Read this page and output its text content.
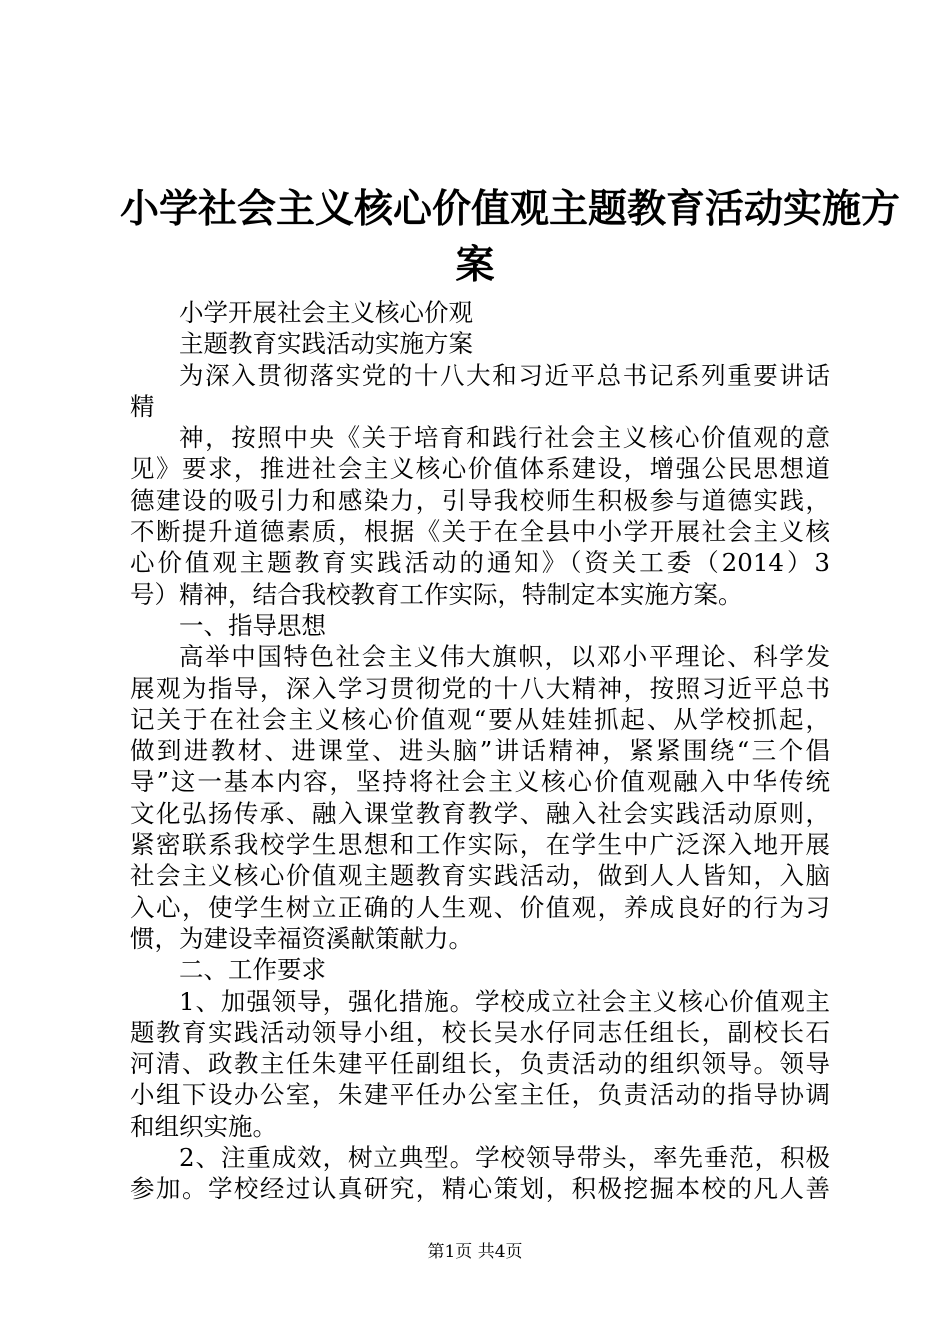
小学社会主义核心价值观主题教育活动实施方
案
小学开展社会主义核心价观
主题教育实践活动实施方案
为深入贯彻落实党的十八大和习近平总书记系列重要讲话
精
神，按照中央《关于培育和践行社会主义核心价值观的意
见》要求，推进社会主义核心价值体系建设，增强公民思想道
德建设的吸引力和感染力，引导我校师生积极参与道德实践，
不断提升道德素质，根据《关于在全县中小学开展社会主义核
心价值观主题教育实践活动的通知》（资关工委（2014）3
号）精神，结合我校教育工作实际，特制定本实施方案。
一、指导思想
高举中国特色社会主义伟大旗帜，以邓小平理论、科学发
展观为指导，深入学习贯彻党的十八大精神，按照习近平总书
记关于在社会主义核心价值观“要从娃娃抓起、从学校抓起，
做到进教材、进课堂、进头脑”讲话精神，紧紧围绕“三个倡
导”这一基本内容，坚持将社会主义核心价值观融入中华传统
文化弘扬传承、融入课堂教育教学、融入社会实践活动原则，
紧密联系我校学生思想和工作实际，在学生中广泛深入地开展
社会主义核心价值观主题教育实践活动，做到人人皆知，入脑
入心，使学生树立正确的人生观、价值观，养成良好的行为习
惯，为建设幸福资溪献策献力。
二、工作要求
1、加强领导，强化措施。学校成立社会主义核心价值观主
题教育实践活动领导小组，校长吴水仔同志任组长，副校长石
河清、政教主任朱建平任副组长，负责活动的组织领导。领导
小组下设办公室，朱建平任办公室主任，负责活动的指导协调
和组织实施。
2、注重成效，树立典型。学校领导带头，率先垂范，积极
参加。学校经过认真研究，精心策划，积极挖掘本校的凡人善
第1页 共4页
